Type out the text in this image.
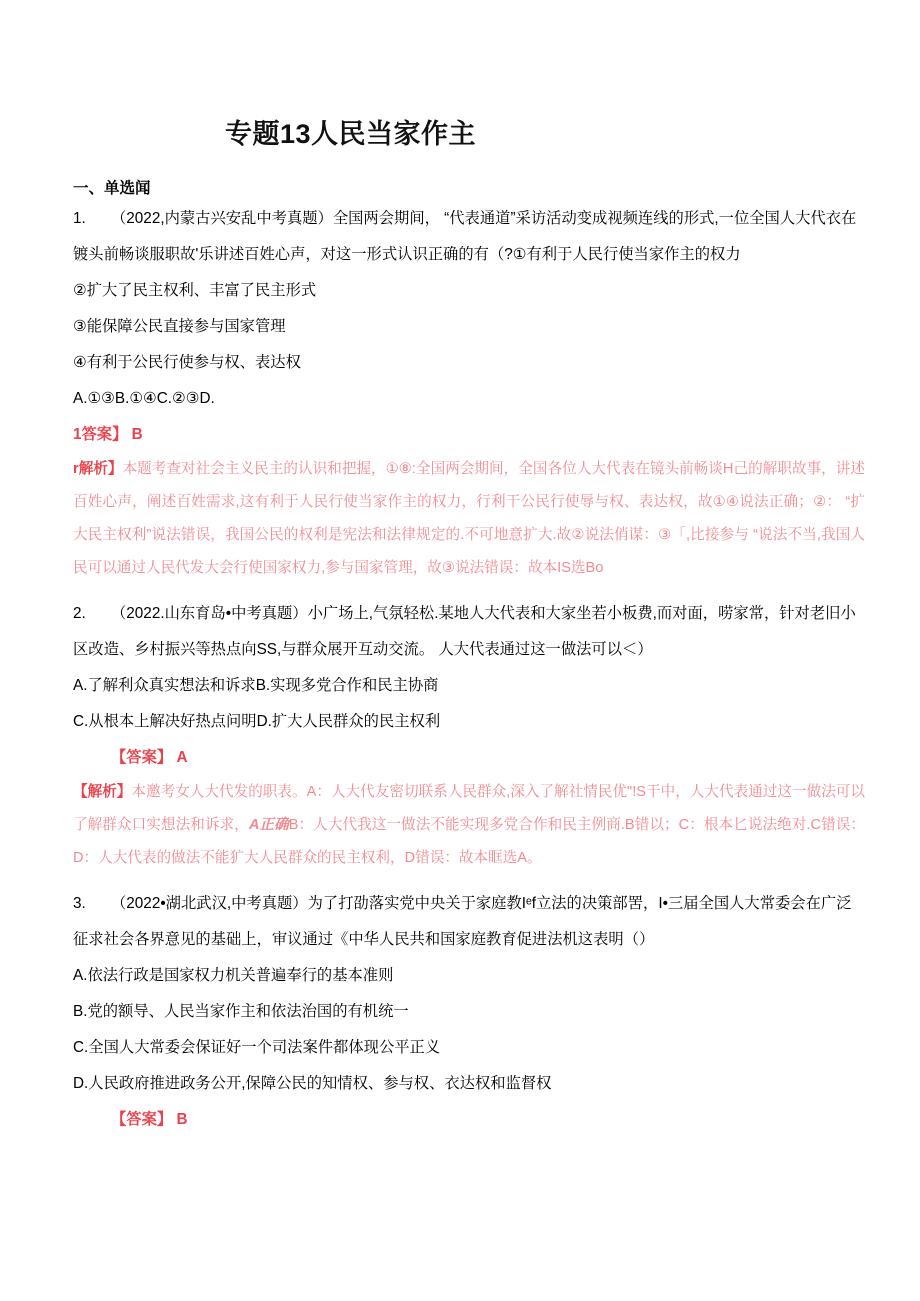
专题13人民当家作主
一、单选闻

1. （2022,内蒙古兴安乱中考真题）全国两会期间， “代表通道”采访活动变成视频连线的形式,一位全国人大代衣在镀头前畅谈服职故'乐讲述百姓心声，对这一形式认识正确的有（?①有利于人民行使当家作主的权力

②扩大了民主权利、丰富了民主形式

③能保障公民直接参与国家管理

④有利于公民行使参与权、表达权

A.①③B.①④C.②③D.

1答案】 B

r解析】本题考查对社会主义民主的认识和把握，①⑧:全国两会期间，全国各位人大代表在镜头前畅谈H己的解职故事，讲述百姓心声，阐述百姓需求,这有利于人民行使当家作主的权力，行利干公民行使辱与权、表达权，故①④说法正确；②： “扩大民主权利”说法错误，我国公民的权利是宪法和法律规定的.不可地意扩大.故②说法俏谋：③「,比接参与 “说法不当,我国人民可以通过人民代发大会行使国家权力,参与国家管理，故③说法错误：故本IS选Bo

2. （2022.山东育岛•中考真题）小广场上,气氛轻松.某地人大代表和大家坐若小板费,而对面，唠家常，针对老旧小区改造、乡村振兴等热点向SS,与群众展开互动交流。 人大代表通过这一做法可以＜）

A.了解利众真实想法和诉求B.实现多党合作和民主协商

C.从根本上解决好热点问明D.扩大人民群众的民主权利

【答案】 A

【解析】本邀考女人大代发的职表。A：人大代友密切联系人民群众,深入了解社情民优"!S干中，人大代表通过这一做法可以了解群众口实想法和诉求，A正确B：人大代我这一做法不能实现多党合作和民主例商.B错以；C：根本匕说法绝对.C错误：D：人大代表的做法不能犷大人民群众的民主权利，D错误：故本眶选A。

3. （2022•湖北武汉,中考真题）为了打劭落实党中央关于家庭教Iᵉf立法的决策部罟，I•三届全国人大常委会在广泛征求社会各界意见的基础上，审议通过《中华人民共和国家庭教育促进法机这表明（）

A.依法行政是国家权力机关普遍奉行的基本准则

B.党的额导、人民当家作主和依法治国的有机统一

C.全国人大常委会保证好一个司法案件都体现公平正义

D.人民政府推进政务公开,保障公民的知情权、参与权、衣达权和监督权

【答案】 B
